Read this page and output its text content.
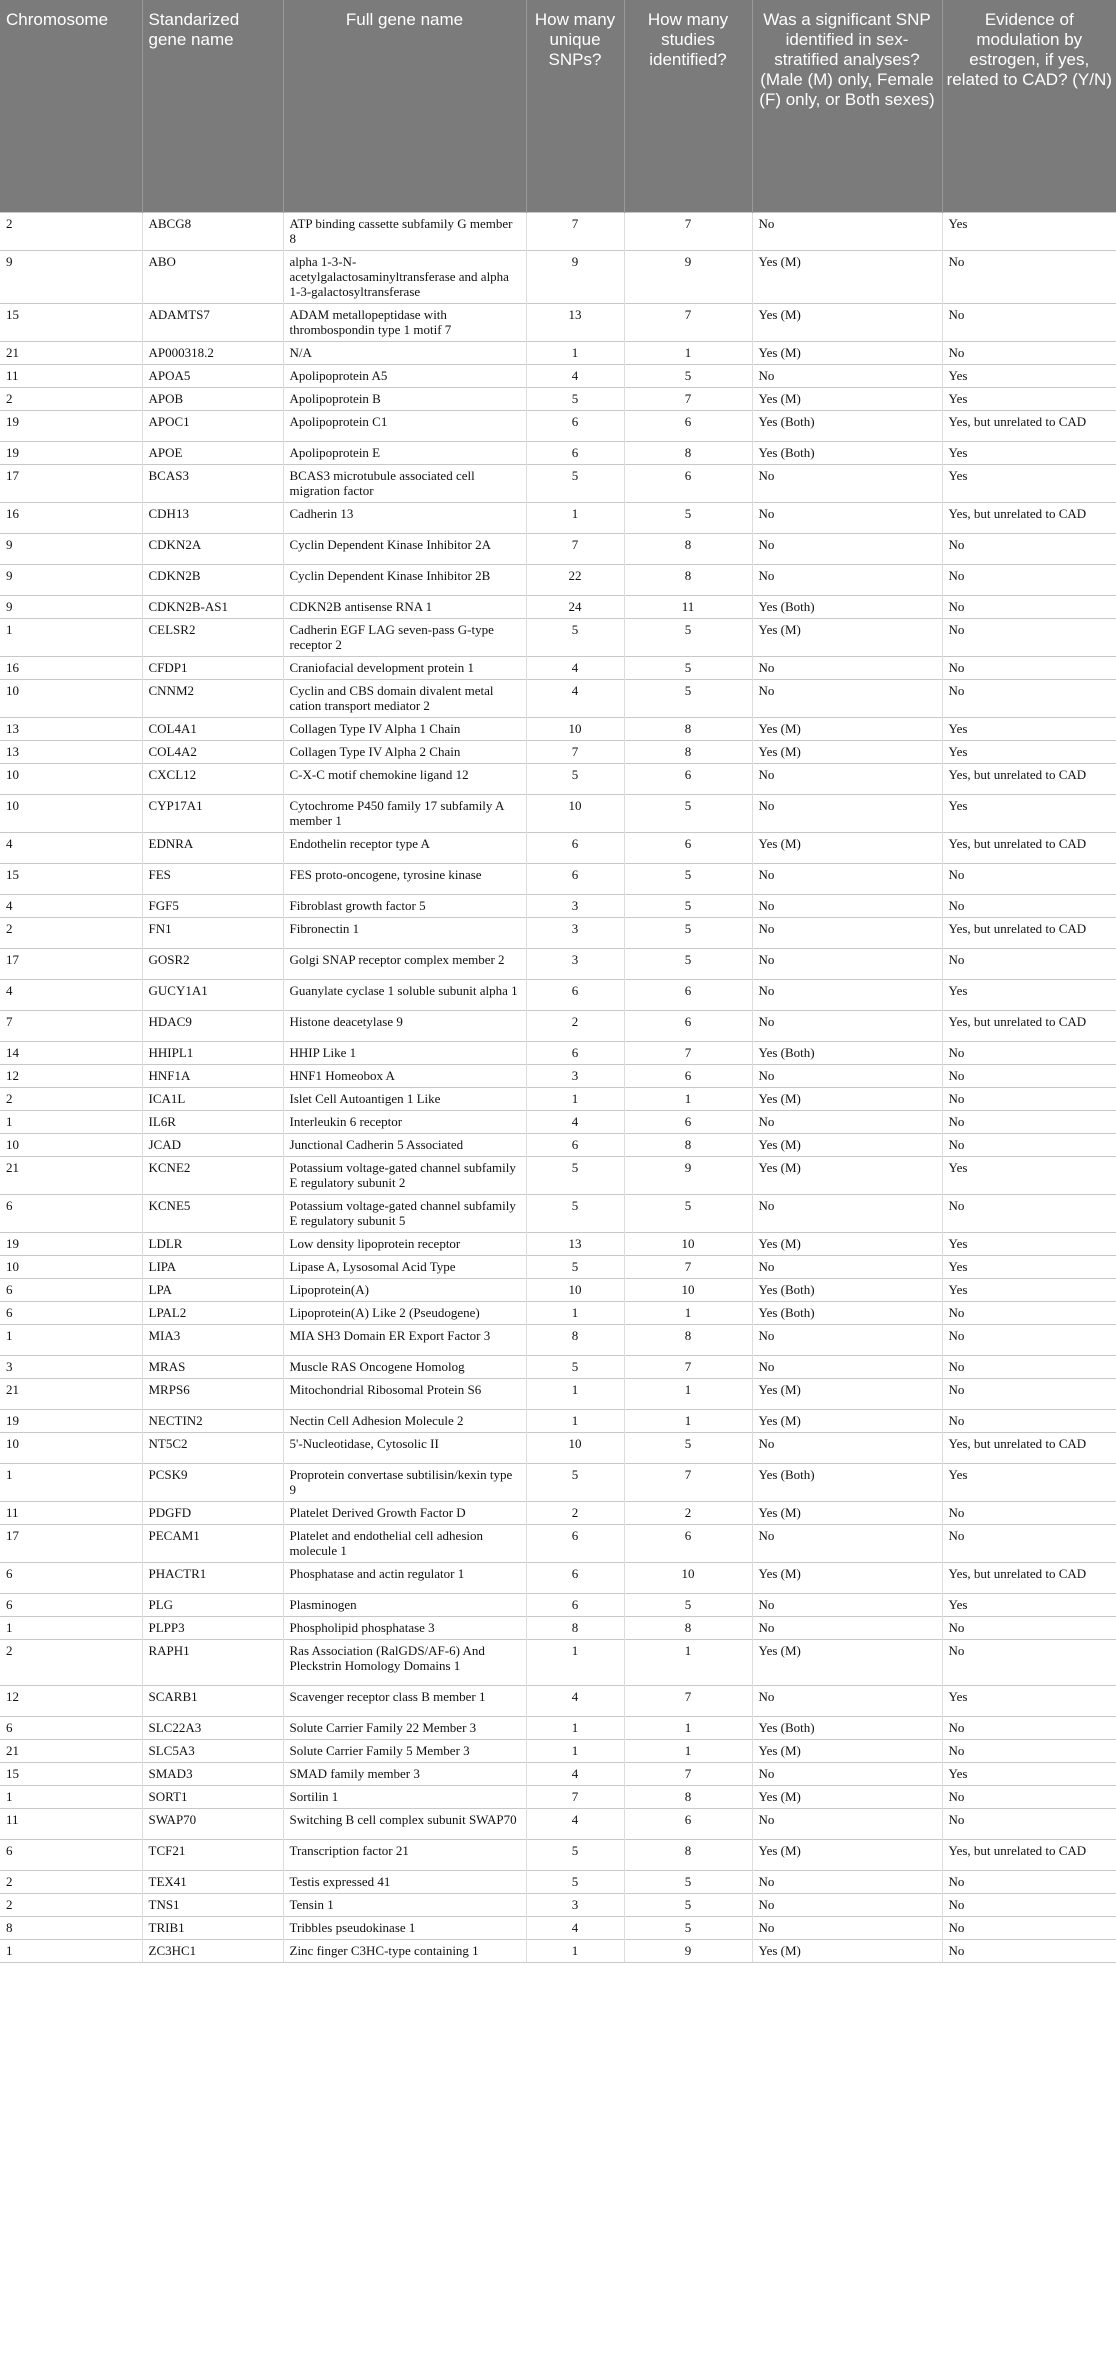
Chromosome	Standarized gene name	Full gene name	How many unique SNPs?	How many studies identified?	Was a significant SNP identified in sex-stratified analyses? (Male (M) only, Female (F) only, or Both sexes)	Evidence of modulation by estrogen, if yes, related to CAD? (Y/N)
2	ABCG8	ATP binding cassette subfamily G member 8	7	7	No	Yes
9	ABO	alpha 1-3-N-acetylgalactosaminyltransferase and alpha 1-3-galactosyltransferase	9	9	Yes (M)	No
15	ADAMTS7	ADAM metallopeptidase with thrombospondin type 1 motif 7	13	7	Yes (M)	No
21	AP000318.2	N/A	1	1	Yes (M)	No
11	APOA5	Apolipoprotein A5	4	5	No	Yes
2	APOB	Apolipoprotein B	5	7	Yes (M)	Yes
19	APOC1	Apolipoprotein C1	6	6	Yes (Both)	Yes, but unrelated to CAD
19	APOE	Apolipoprotein E	6	8	Yes (Both)	Yes
17	BCAS3	BCAS3 microtubule associated cell migration factor	5	6	No	Yes
16	CDH13	Cadherin 13	1	5	No	Yes, but unrelated to CAD
9	CDKN2A	Cyclin Dependent Kinase Inhibitor 2A	7	8	No	No
9	CDKN2B	Cyclin Dependent Kinase Inhibitor 2B	22	8	No	No
9	CDKN2B-AS1	CDKN2B antisense RNA 1	24	11	Yes (Both)	No
1	CELSR2	Cadherin EGF LAG seven-pass G-type receptor 2	5	5	Yes (M)	No
16	CFDP1	Craniofacial development protein 1	4	5	No	No
10	CNNM2	Cyclin and CBS domain divalent metal cation transport mediator 2	4	5	No	No
13	COL4A1	Collagen Type IV Alpha 1 Chain	10	8	Yes (M)	Yes
13	COL4A2	Collagen Type IV Alpha 2 Chain	7	8	Yes (M)	Yes
10	CXCL12	C-X-C motif chemokine ligand 12	5	6	No	Yes, but unrelated to CAD
10	CYP17A1	Cytochrome P450 family 17 subfamily A member 1	10	5	No	Yes
4	EDNRA	Endothelin receptor type A	6	6	Yes (M)	Yes, but unrelated to CAD
15	FES	FES proto-oncogene, tyrosine kinase	6	5	No	No
4	FGF5	Fibroblast growth factor 5	3	5	No	No
2	FN1	Fibronectin 1	3	5	No	Yes, but unrelated to CAD
17	GOSR2	Golgi SNAP receptor complex member 2	3	5	No	No
4	GUCY1A1	Guanylate cyclase 1 soluble subunit alpha 1	6	6	No	Yes
7	HDAC9	Histone deacetylase 9	2	6	No	Yes, but unrelated to CAD
14	HHIPL1	HHIP Like 1	6	7	Yes (Both)	No
12	HNF1A	HNF1 Homeobox A	3	6	No	No
2	ICA1L	Islet Cell Autoantigen 1 Like	1	1	Yes (M)	No
1	IL6R	Interleukin 6 receptor	4	6	No	No
10	JCAD	Junctional Cadherin 5 Associated	6	8	Yes (M)	No
21	KCNE2	Potassium voltage-gated channel subfamily E regulatory subunit 2	5	9	Yes (M)	Yes
6	KCNE5	Potassium voltage-gated channel subfamily E regulatory subunit 5	5	5	No	No
19	LDLR	Low density lipoprotein receptor	13	10	Yes (M)	Yes
10	LIPA	Lipase A, Lysosomal Acid Type	5	7	No	Yes
6	LPA	Lipoprotein(A)	10	10	Yes (Both)	Yes
6	LPAL2	Lipoprotein(A) Like 2 (Pseudogene)	1	1	Yes (Both)	No
1	MIA3	MIA SH3 Domain ER Export Factor 3	8	8	No	No
3	MRAS	Muscle RAS Oncogene Homolog	5	7	No	No
21	MRPS6	Mitochondrial Ribosomal Protein S6	1	1	Yes (M)	No
19	NECTIN2	Nectin Cell Adhesion Molecule 2	1	1	Yes (M)	No
10	NT5C2	5'-Nucleotidase, Cytosolic II	10	5	No	Yes, but unrelated to CAD
1	PCSK9	Proprotein convertase subtilisin/kexin type 9	5	7	Yes (Both)	Yes
11	PDGFD	Platelet Derived Growth Factor D	2	2	Yes (M)	No
17	PECAM1	Platelet and endothelial cell adhesion molecule 1	6	6	No	No
6	PHACTR1	Phosphatase and actin regulator 1	6	10	Yes (M)	Yes, but unrelated to CAD
6	PLG	Plasminogen	6	5	No	Yes
1	PLPP3	Phospholipid phosphatase 3	8	8	No	No
2	RAPH1	Ras Association (RalGDS/AF-6) And Pleckstrin Homology Domains 1	1	1	Yes (M)	No
12	SCARB1	Scavenger receptor class B member 1	4	7	No	Yes
6	SLC22A3	Solute Carrier Family 22 Member 3	1	1	Yes (Both)	No
21	SLC5A3	Solute Carrier Family 5 Member 3	1	1	Yes (M)	No
15	SMAD3	SMAD family member 3	4	7	No	Yes
1	SORT1	Sortilin 1	7	8	Yes (M)	No
11	SWAP70	Switching B cell complex subunit SWAP70	4	6	No	No
6	TCF21	Transcription factor 21	5	8	Yes (M)	Yes, but unrelated to CAD
2	TEX41	Testis expressed 41	5	5	No	No
2	TNS1	Tensin 1	3	5	No	No
8	TRIB1	Tribbles pseudokinase 1	4	5	No	No
1	ZC3HC1	Zinc finger C3HC-type containing 1	1	9	Yes (M)	No
